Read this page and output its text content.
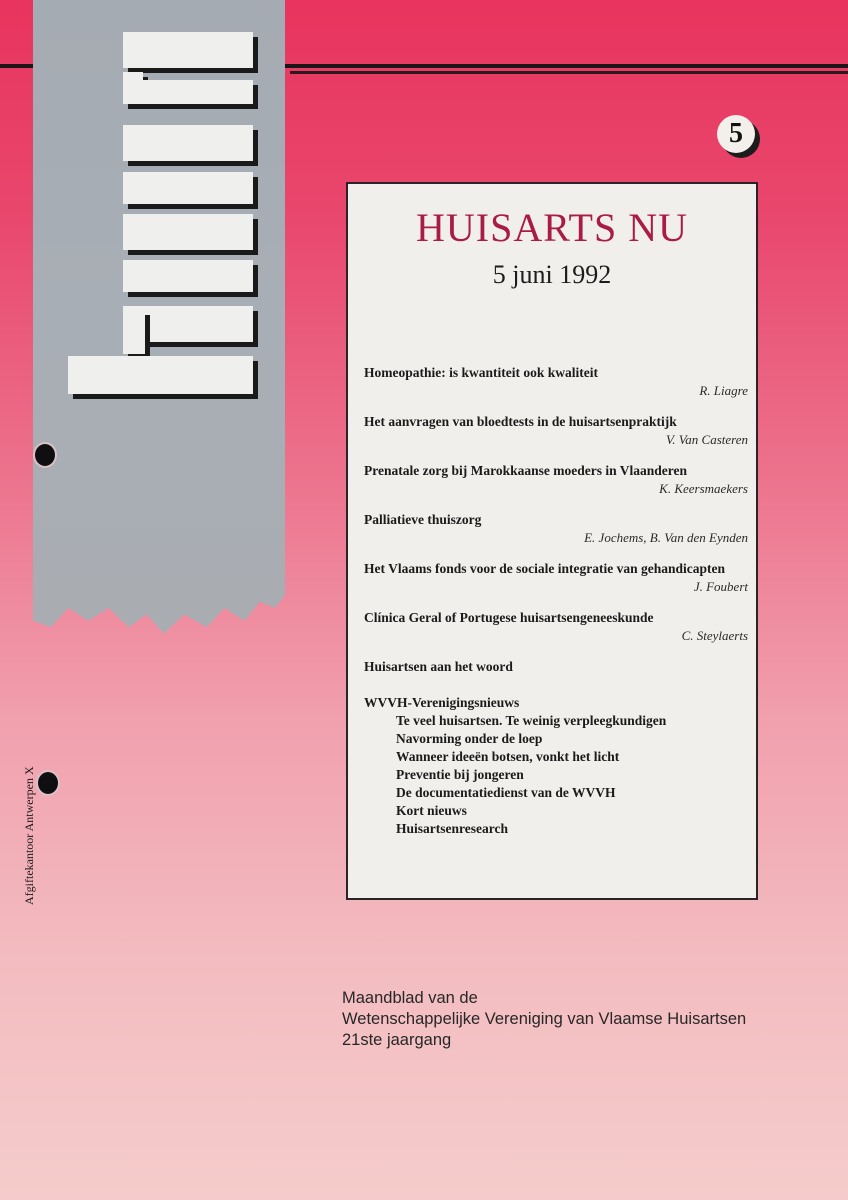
5
HUISARTS NU
5 juni 1992
Homeopathie: is kwantiteit ook kwaliteit
R. Liagre
Het aanvragen van bloedtests in de huisartsenpraktijk
V. Van Casteren
Prenatale zorg bij Marokkaanse moeders in Vlaanderen
K. Keersmaekers
Palliatieve thuiszorg
E. Jochems, B. Van den Eynden
Het Vlaams fonds voor de sociale integratie van gehandicapten
J. Foubert
Clínica Geral of Portugese huisartsengeneeskunde
C. Steylaerts
Huisartsen aan het woord
WVVH-Verenigingsnieuws
Te veel huisartsen. Te weinig verpleegkundigen
Navorming onder de loep
Wanneer ideeën botsen, vonkt het licht
Preventie bij jongeren
De documentatiedienst van de WVVH
Kort nieuws
Huisartsenresearch
Afgiftekantoor Antwerpen X
Maandblad van de
Wetenschappelijke Vereniging van Vlaamse Huisartsen
21ste jaargang
